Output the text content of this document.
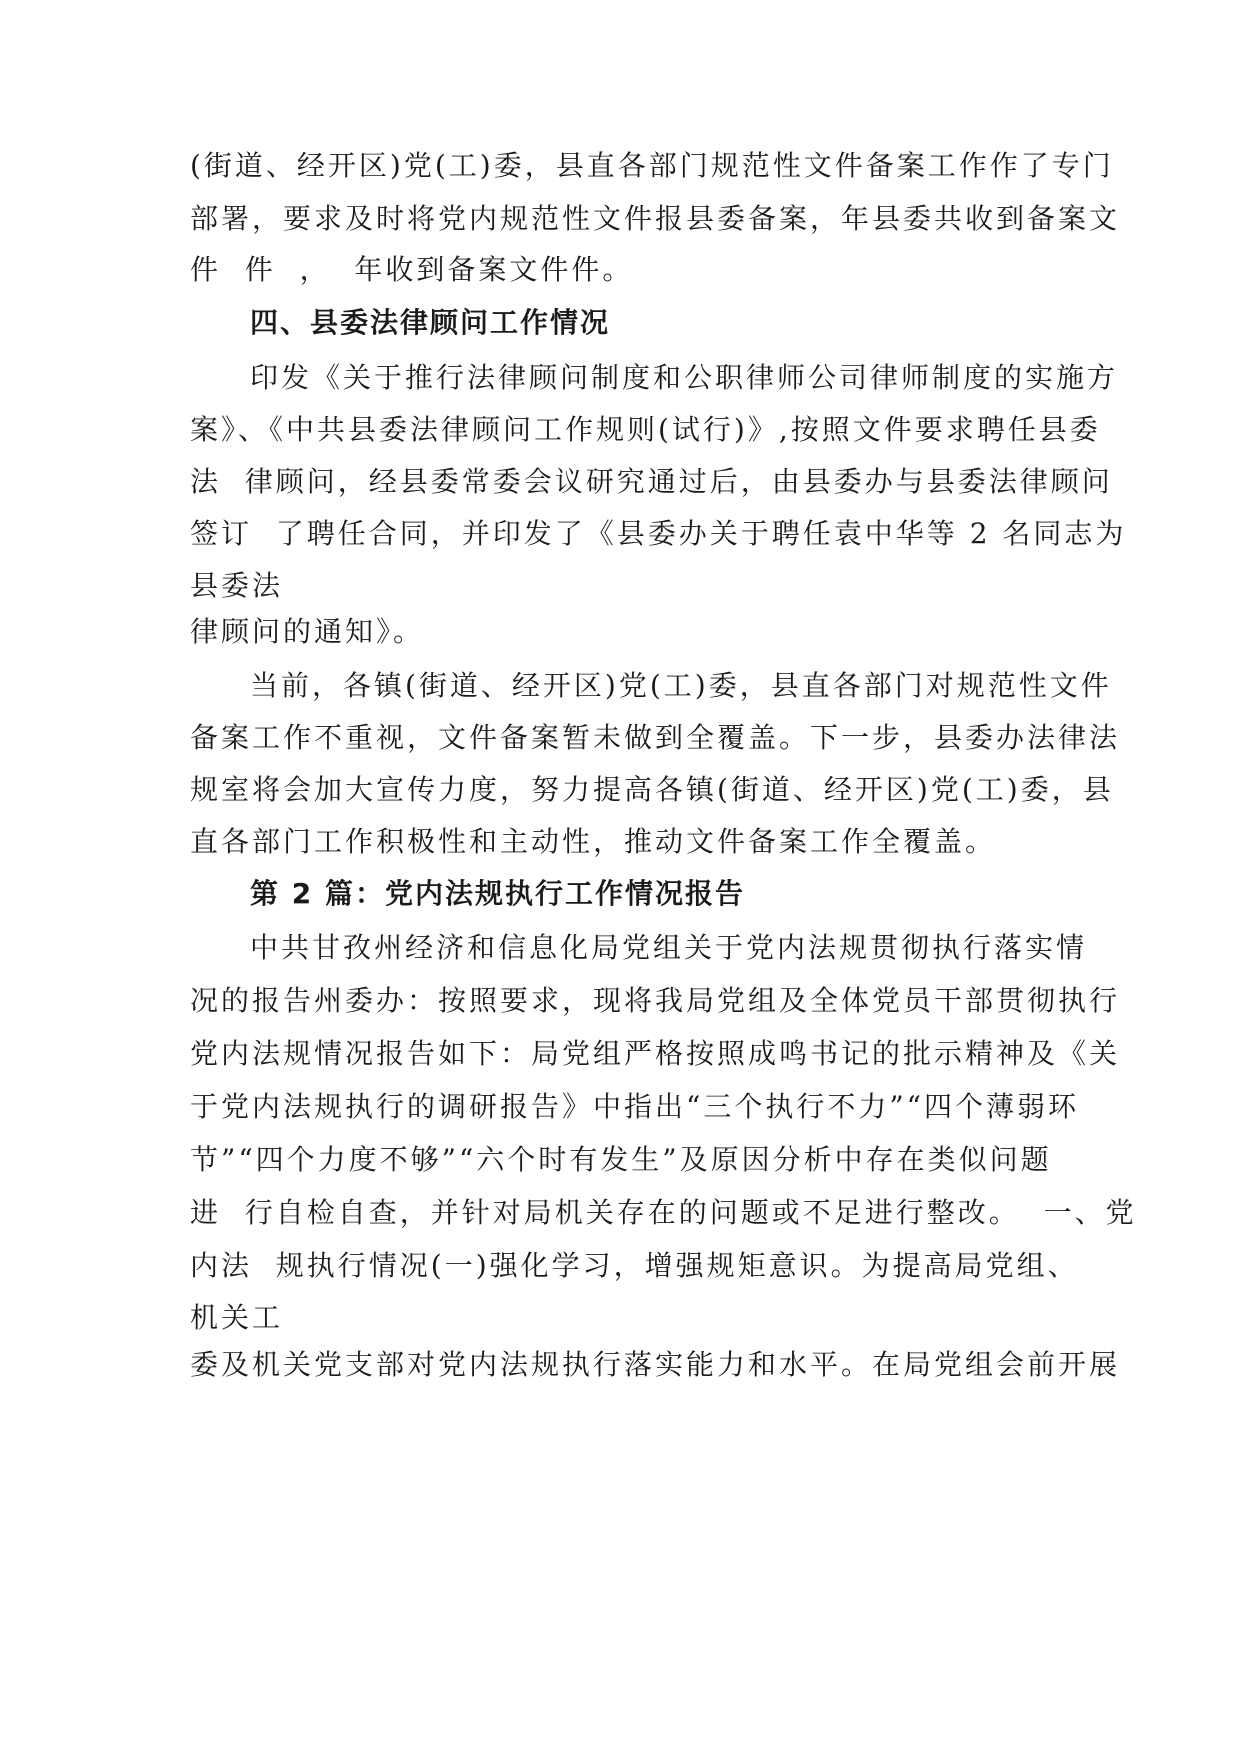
(街道、经开区)党(工)委，县直各部门规范性文件备案工作作了专门
部署，要求及时将党内规范性文件报县委备案，年县委共收到备案文
件  件  ，  年收到备案文件件。
四、县委法律顾问工作情况
印发《关于推行法律顾问制度和公职律师公司律师制度的实施方
案》、《中共县委法律顾问工作规则(试行)》,按照文件要求聘任县委
法  律顾问，经县委常委会议研究通过后，由县委办与县委法律顾问
签订  了聘任合同，并印发了《县委办关于聘任袁中华等 2 名同志为
县委法
律顾问的通知》。
当前，各镇(街道、经开区)党(工)委，县直各部门对规范性文件
备案工作不重视，文件备案暂未做到全覆盖。下一步，县委办法律法
规室将会加大宣传力度，努力提高各镇(街道、经开区)党(工)委，县
直各部门工作积极性和主动性，推动文件备案工作全覆盖。
第 2 篇：党内法规执行工作情况报告
中共甘孜州经济和信息化局党组关于党内法规贯彻执行落实情
况的报告州委办：按照要求，现将我局党组及全体党员干部贯彻执行
党内法规情况报告如下：局党组严格按照成鸣书记的批示精神及《关
于党内法规执行的调研报告》中指出“三个执行不力”“四个薄弱环
节”“四个力度不够”“六个时有发生”及原因分析中存在类似问题
进  行自检自查，并针对局机关存在的问题或不足进行整改。  一、党
内法  规执行情况(一)强化学习，增强规矩意识。为提高局党组、
机关工
委及机关党支部对党内法规执行落实能力和水平。在局党组会前开展
